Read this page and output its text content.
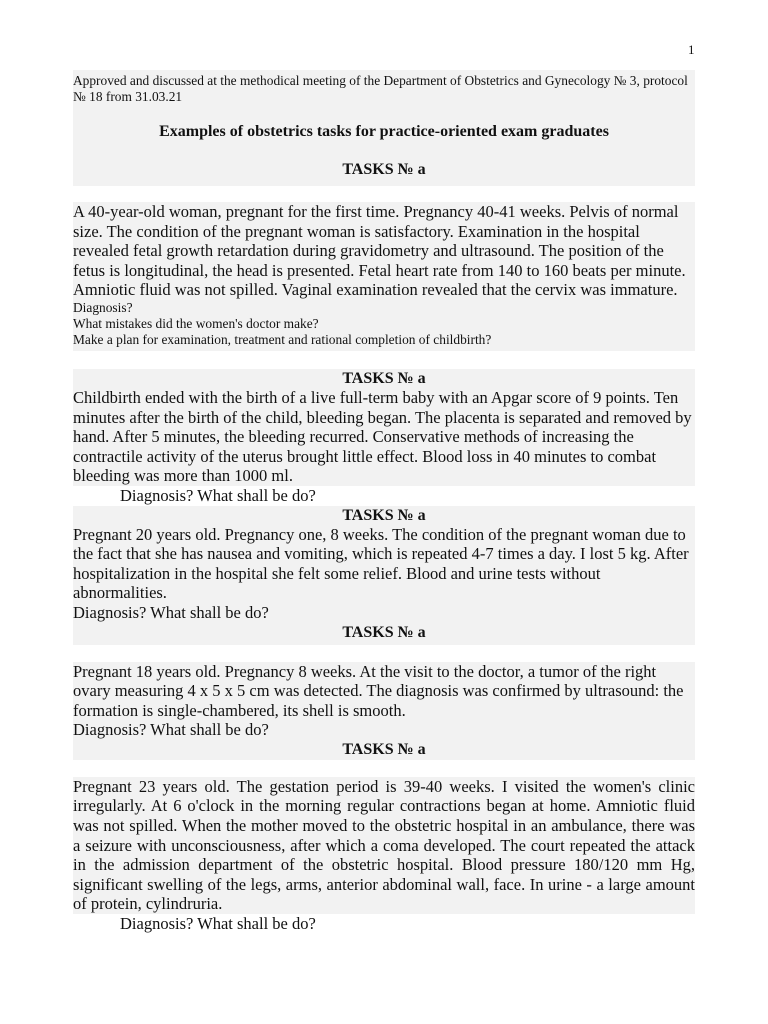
1
Approved and discussed at the methodical meeting of the Department of Obstetrics and Gynecology № 3, protocol № 18 from 31.03.21
Examples of obstetrics tasks for practice-oriented exam graduates
TASKS № a
A 40-year-old woman, pregnant for the first time. Pregnancy 40-41 weeks. Pelvis of normal size. The condition of the pregnant woman is satisfactory. Examination in the hospital revealed fetal growth retardation during gravidometry and ultrasound. The position of the fetus is longitudinal, the head is presented. Fetal heart rate from 140 to 160 beats per minute. Amniotic fluid was not spilled. Vaginal examination revealed that the cervix was immature.
Diagnosis?
What mistakes did the women's doctor make?
Make a plan for examination, treatment and rational completion of childbirth?
TASKS № a
Childbirth ended with the birth of a live full-term baby with an Apgar score of 9 points. Ten minutes after the birth of the child, bleeding began. The placenta is separated and removed by hand. After 5 minutes, the bleeding recurred. Conservative methods of increasing the contractile activity of the uterus brought little effect. Blood loss in 40 minutes to combat bleeding was more than 1000 ml.
Diagnosis? What shall be do?
TASKS № a
Pregnant 20 years old. Pregnancy one, 8 weeks. The condition of the pregnant woman due to the fact that she has nausea and vomiting, which is repeated 4-7 times a day. I lost 5 kg. After hospitalization in the hospital she felt some relief. Blood and urine tests without abnormalities.
Diagnosis? What shall be do?
TASKS № a
Pregnant 18 years old. Pregnancy 8 weeks. At the visit to the doctor, a tumor of the right ovary measuring 4 x 5 x 5 cm was detected. The diagnosis was confirmed by ultrasound: the formation is single-chambered, its shell is smooth.
Diagnosis? What shall be do?
TASKS № a
Pregnant 23 years old. The gestation period is 39-40 weeks. I visited the women's clinic irregularly. At 6 o'clock in the morning regular contractions began at home. Amniotic fluid was not spilled. When the mother moved to the obstetric hospital in an ambulance, there was a seizure with unconsciousness, after which a coma developed. The court repeated the attack in the admission department of the obstetric hospital. Blood pressure 180/120 mm Hg, significant swelling of the legs, arms, anterior abdominal wall, face. In urine - a large amount of protein, cylindruria.
Diagnosis? What shall be do?
